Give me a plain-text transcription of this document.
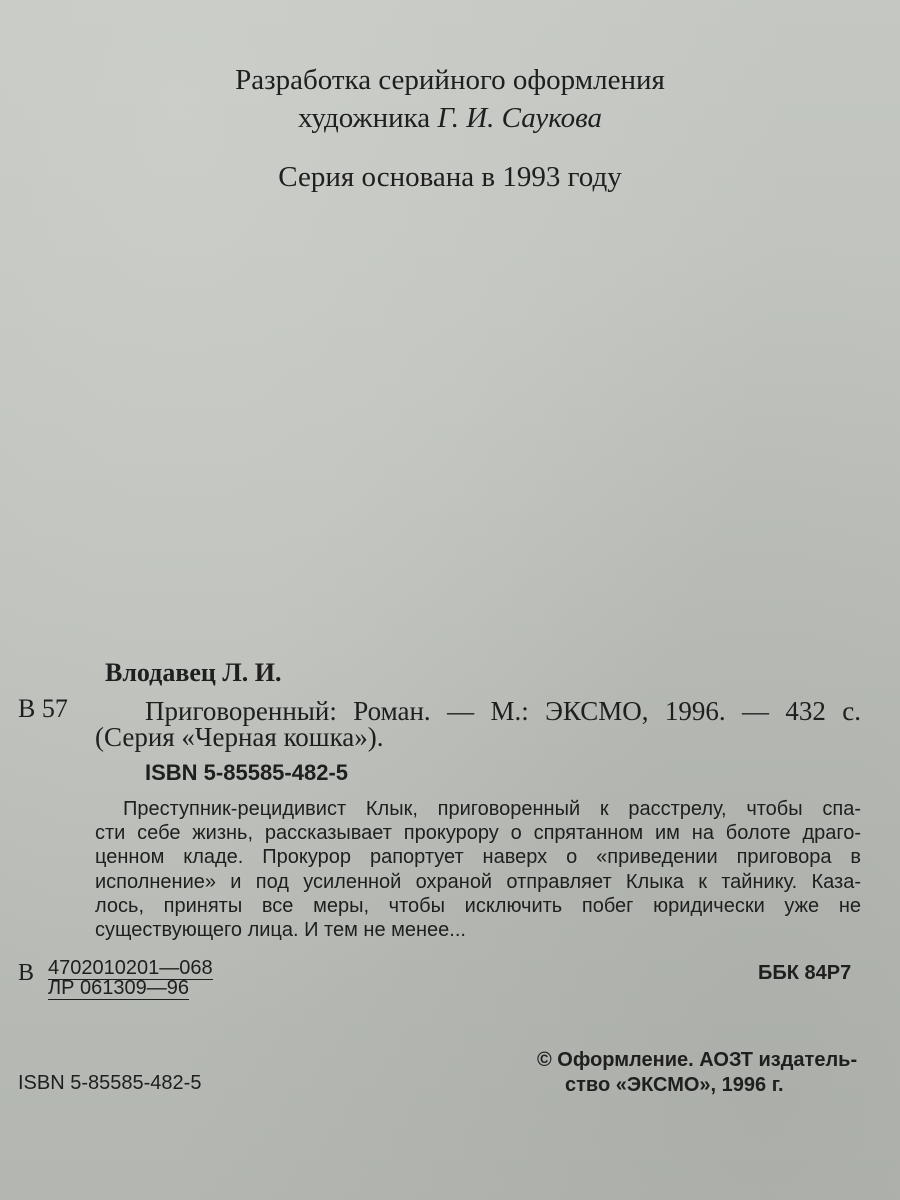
Разработка серийного оформления

художника Г. И. Саукова

Серия основана в 1993 году

Влодавец Л. И.

В 57	Приговоренный: Роман. — М.: ЭКСМО, 1996. — 432 с.

(Серия «Черная кошка»).

ISBN 5-85585-482-5

Преступник-рецидивист Клык, приговоренный к расстрелу, чтобы спа-
сти себе жизнь, рассказывает прокурору о спрятанном им на болоте драго-
ценном кладе. Прокурор рапортует наверх о «приведении приговора в
исполнение» и под усиленной охраной отправляет Клыка к тайнику. Каза-
лось, приняты все меры, чтобы исключить побег юридически уже не
существующего лица. И тем не менее...

В 4702010201—068

ЛР 061309—96

ББК 84Р7

ISBN 5-85585-482-5

© Оформление. АОЗТ издатель-

ство «ЭКСМО», 1996 г.
